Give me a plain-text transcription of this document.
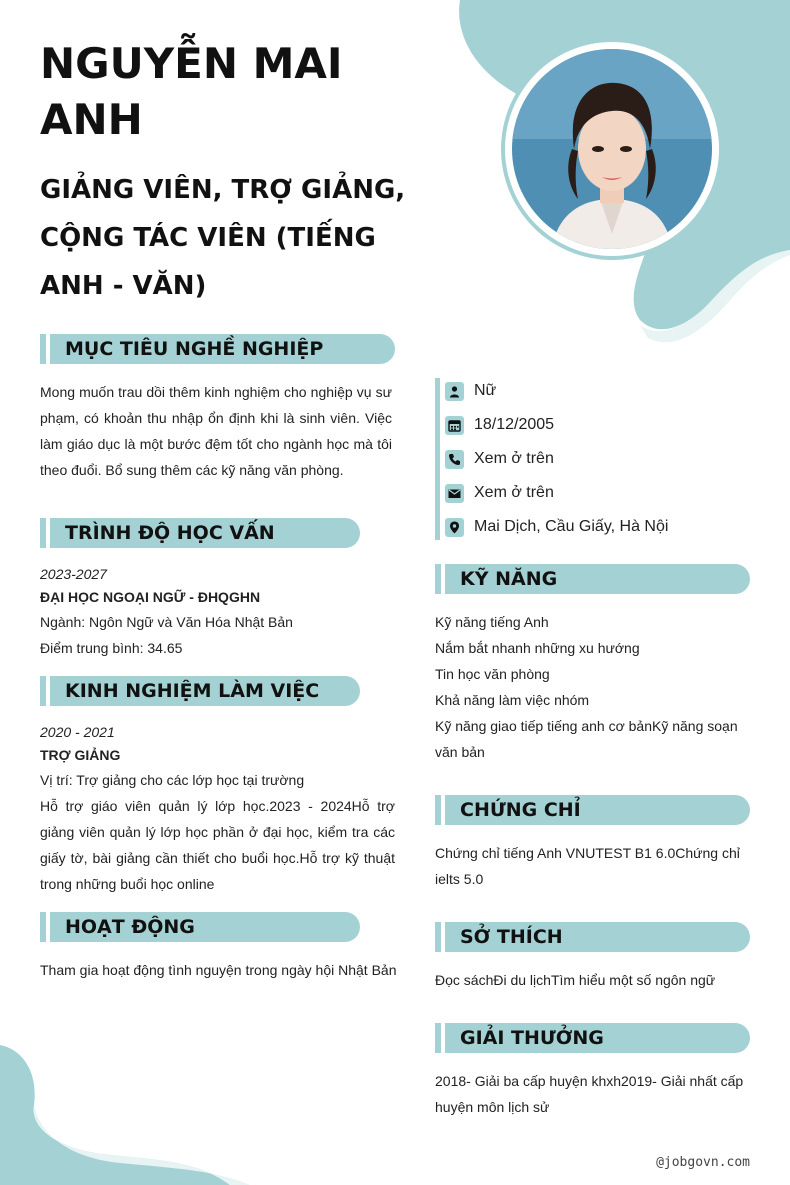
NGUYỄN MAI ANH
GIẢNG VIÊN, TRỢ GIẢNG, CỘNG TÁC VIÊN (TIẾNG ANH - VĂN)
MỤC TIÊU NGHỀ NGHIỆP
Mong muốn trau dồi thêm kinh nghiệm cho nghiệp vụ sư phạm, có khoản thu nhập ổn định khi là sinh viên. Việc làm giáo dục là một bước đệm tốt cho ngành học mà tôi theo đuổi. Bổ sung thêm các kỹ năng văn phòng.
TRÌNH ĐỘ HỌC VẤN
2023-2027
ĐẠI HỌC NGOẠI NGỮ - ĐHQGHN
Ngành: Ngôn Ngữ và Văn Hóa Nhật Bản
Điểm trung bình: 34.65
KINH NGHIỆM LÀM VIỆC
2020 - 2021
TRỢ GIẢNG
Vị trí: Trợ giảng cho các lớp học tại trường
Hỗ trợ giáo viên quản lý lớp học.2023 - 2024Hỗ trợ giảng viên quản lý lớp học phần ở đại học, kiểm tra các giấy tờ, bài giảng cần thiết cho buổi học.Hỗ trợ kỹ thuật trong những buổi học online
HOẠT ĐỘNG
Tham gia hoạt động tình nguyện trong ngày hội Nhật Bản
Nữ
18/12/2005
Xem ở trên
Xem ở trên
Mai Dịch, Cầu Giấy, Hà Nội
KỸ NĂNG
Kỹ năng tiếng Anh
Nắm bắt nhanh những xu hướng
Tin học văn phòng
Khả năng làm việc nhóm
Kỹ năng giao tiếp tiếng anh cơ bảnKỹ năng soạn văn bản
CHỨNG CHỈ
Chứng chỉ tiếng Anh VNUTEST B1 6.0Chứng chỉ ielts 5.0
SỞ THÍCH
Đọc sáchĐi du lịchTìm hiểu một số ngôn ngữ
GIẢI THƯỞNG
2018- Giải ba cấp huyện khxh2019- Giải nhất cấp huyện môn lịch sử
@jobgovn.com
